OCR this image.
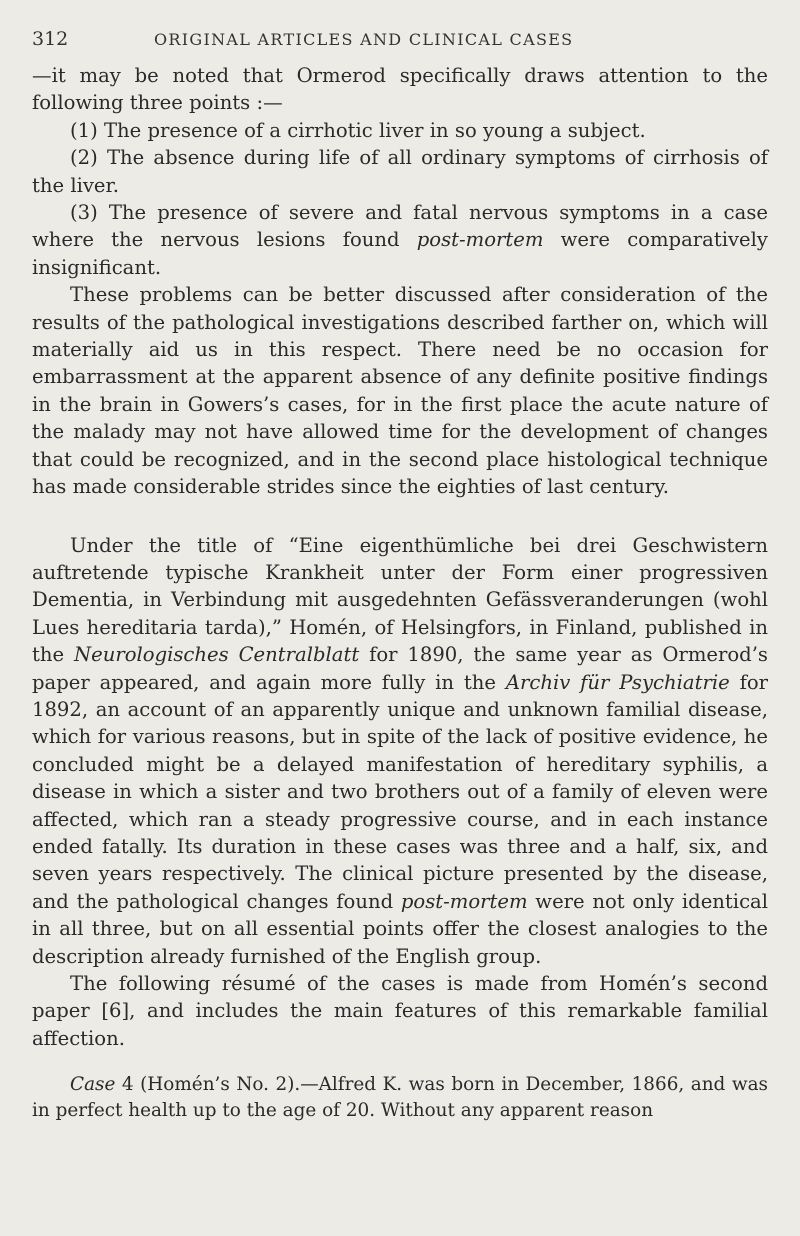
312	ORIGINAL ARTICLES AND CLINICAL CASES

—it may be noted that Ormerod specifically draws attention to the following three points :—

(1) The presence of a cirrhotic liver in so young a subject.

(2) The absence during life of all ordinary symptoms of cirrhosis of the liver.

(3) The presence of severe and fatal nervous symptoms in a case where the nervous lesions found post-mortem were comparatively insignificant.

These problems can be better discussed after consideration of the results of the pathological investigations described farther on, which will materially aid us in this respect. There need be no occasion for embarrassment at the apparent absence of any definite positive findings in the brain in Gowers’s cases, for in the first place the acute nature of the malady may not have allowed time for the development of changes that could be recognized, and in the second place histological technique has made considerable strides since the eighties of last century.

Under the title of “Eine eigenthümliche bei drei Geschwistern auftretende typische Krankheit unter der Form einer progressiven Dementia, in Verbindung mit ausgedehnten Gefässveranderungen (wohl Lues hereditaria tarda),” Homén, of Helsingfors, in Finland, published in the Neurologisches Centralblatt for 1890, the same year as Ormerod’s paper appeared, and again more fully in the Archiv für Psychiatrie for 1892, an account of an apparently unique and unknown familial disease, which for various reasons, but in spite of the lack of positive evidence, he concluded might be a delayed manifestation of hereditary syphilis, a disease in which a sister and two brothers out of a family of eleven were affected, which ran a steady progressive course, and in each instance ended fatally. Its duration in these cases was three and a half, six, and seven years respectively. The clinical picture presented by the disease, and the pathological changes found post-mortem were not only identical in all three, but on all essential points offer the closest analogies to the description already furnished of the English group.

The following résumé of the cases is made from Homén’s second paper [6], and includes the main features of this remarkable familial affection.

Case 4 (Homén’s No. 2).—Alfred K. was born in December, 1866, and was in perfect health up to the age of 20. Without any apparent reason
